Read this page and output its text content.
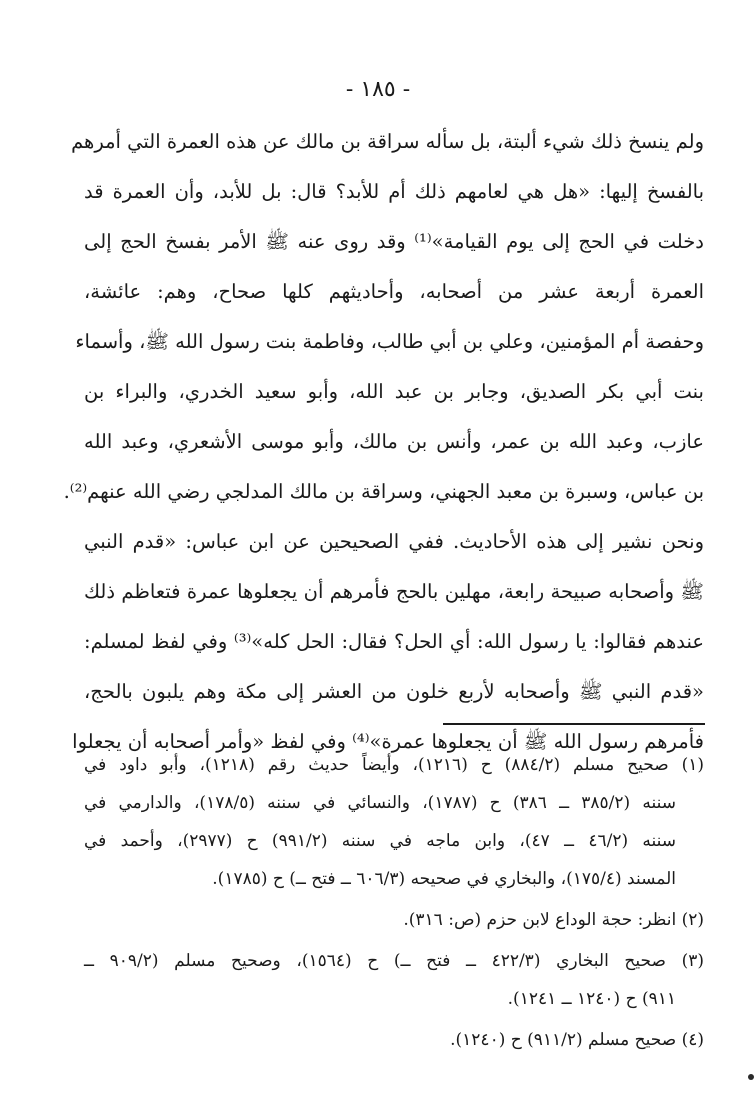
- ١٨٥ -
ولم ينسخ ذلك شيء ألبتة، بل سأله سراقة بن مالك عن هذه العمرة التي أمرهم
بالفسخ إليها: «هل هي لعامهم ذلك أم للأبد؟ قال: بل للأبد، وأن العمرة قد
دخلت في الحج إلى يوم القيامة»⁽¹⁾ وقد روى عنه ﷺ الأمر بفسخ الحج إلى
العمرة أربعة عشر من أصحابه، وأحاديثهم كلها صحاح، وهم: عائشة،
وحفصة أم المؤمنين، وعلي بن أبي طالب، وفاطمة بنت رسول الله ﷺ، وأسماء
بنت أبي بكر الصديق، وجابر بن عبد الله، وأبو سعيد الخدري، والبراء بن
عازب، وعبد الله بن عمر، وأنس بن مالك، وأبو موسى الأشعري، وعبد الله
بن عباس، وسبرة بن معبد الجهني، وسراقة بن مالك المدلجي رضي الله عنهم⁽²⁾.
ونحن نشير إلى هذه الأحاديث. ففي الصحيحين عن ابن عباس: «قدم النبي
ﷺ وأصحابه صبيحة رابعة، مهلين بالحج فأمرهم أن يجعلوها عمرة فتعاظم ذلك
عندهم فقالوا: يا رسول الله: أي الحل؟ فقال: الحل كله»⁽³⁾ وفي لفظ لمسلم:
«قدم النبي ﷺ وأصحابه لأربع خلون من العشر إلى مكة وهم يلبون بالحج،
فأمرهم رسول الله ﷺ أن يجعلوها عمرة»⁽⁴⁾ وفي لفظ «وأمر أصحابه أن يجعلوا
(١) صحيح مسلم (٨٨٤/٢) ح (١٢١٦)، وأيضاً حديث رقم (١٢١٨)، وأبو داود في
سننه (٣٨٥/٢ ــ ٣٨٦) ح (١٧٨٧)، والنسائي في سننه (١٧٨/٥)، والدارمي في
سننه (٤٦/٢ ــ ٤٧)، وابن ماجه في سننه (٩٩١/٢) ح (٢٩٧٧)، وأحمد في
المسند (١٧٥/٤)، والبخاري في صحيحه (٦٠٦/٣ ــ فتح ــ) ح (١٧٨٥).
(٢) انظر: حجة الوداع لابن حزم (ص: ٣١٦).
(٣) صحيح البخاري (٤٢٢/٣ ــ فتح ــ) ح (١٥٦٤)، وصحيح مسلم (٩٠٩/٢ ــ
٩١١) ح (١٢٤٠ ــ ١٢٤١).
(٤) صحيح مسلم (٩١١/٢) ح (١٢٤٠).
